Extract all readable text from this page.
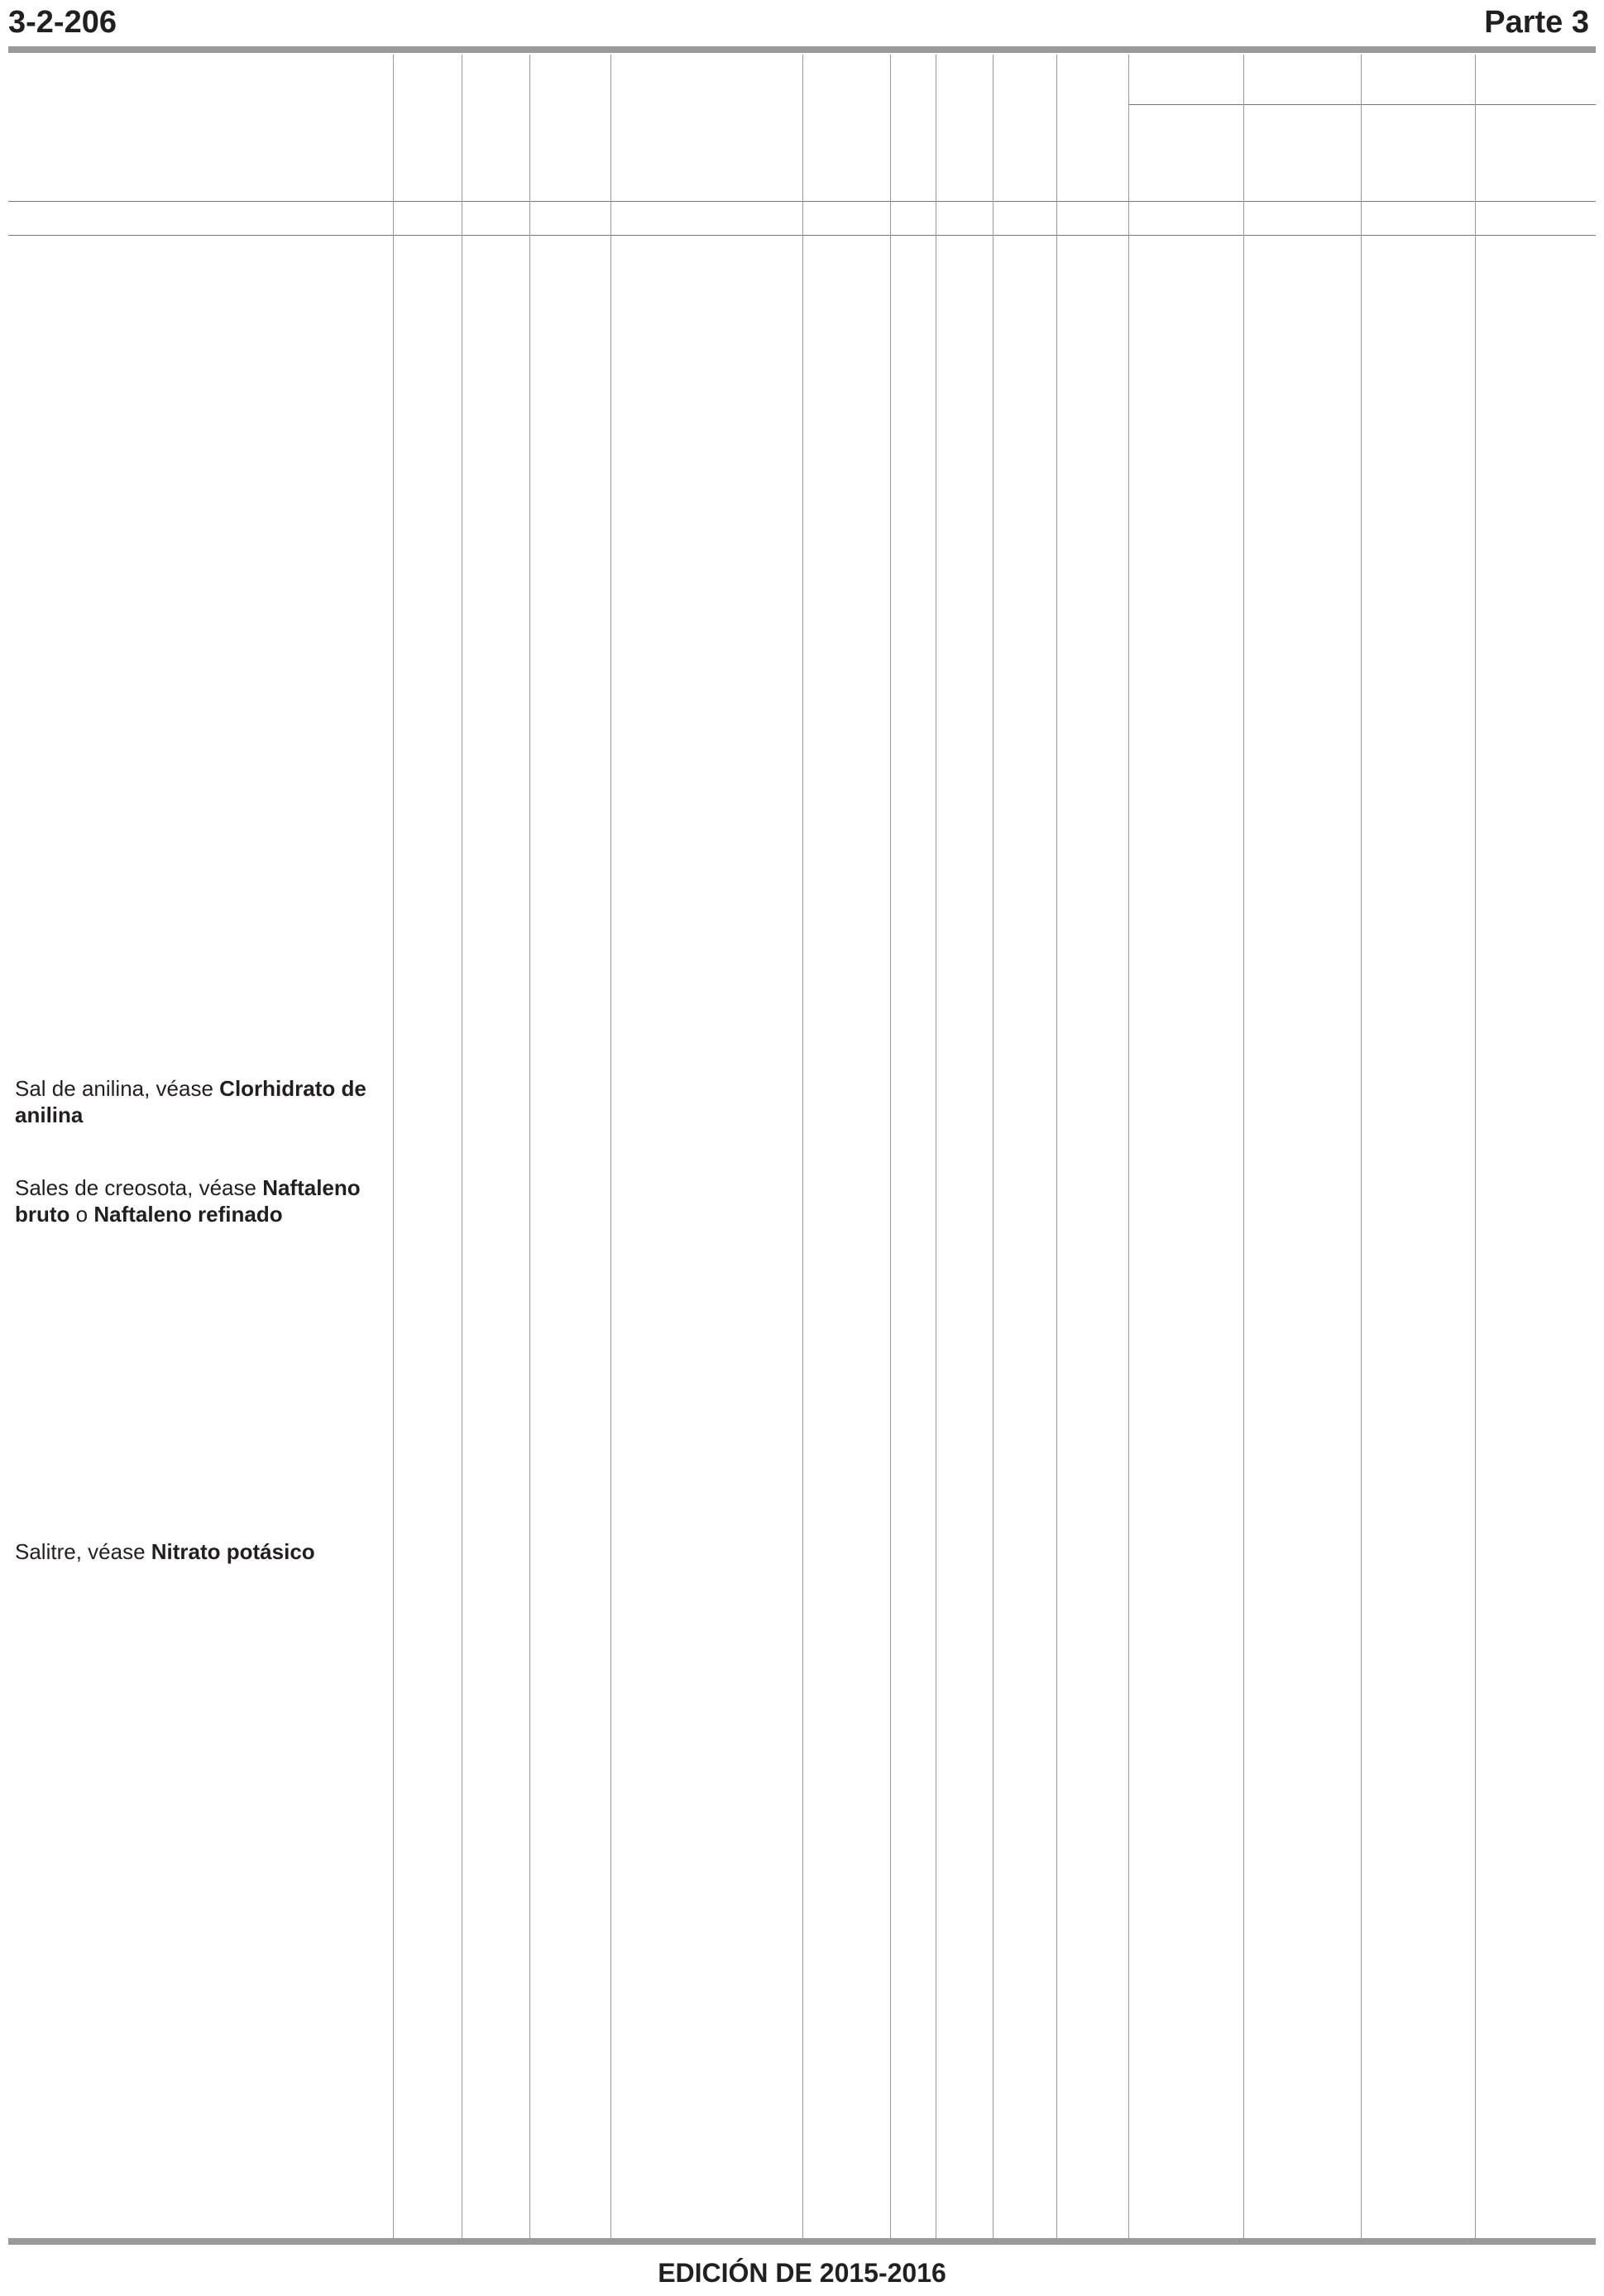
3-2-206	Parte 3
Sal de anilina, véase Clorhidrato de anilina
Sales de creosota, véase Naftaleno bruto o Naftaleno refinado
Salitre, véase Nitrato potásico
EDICIÓN DE 2015-2016
